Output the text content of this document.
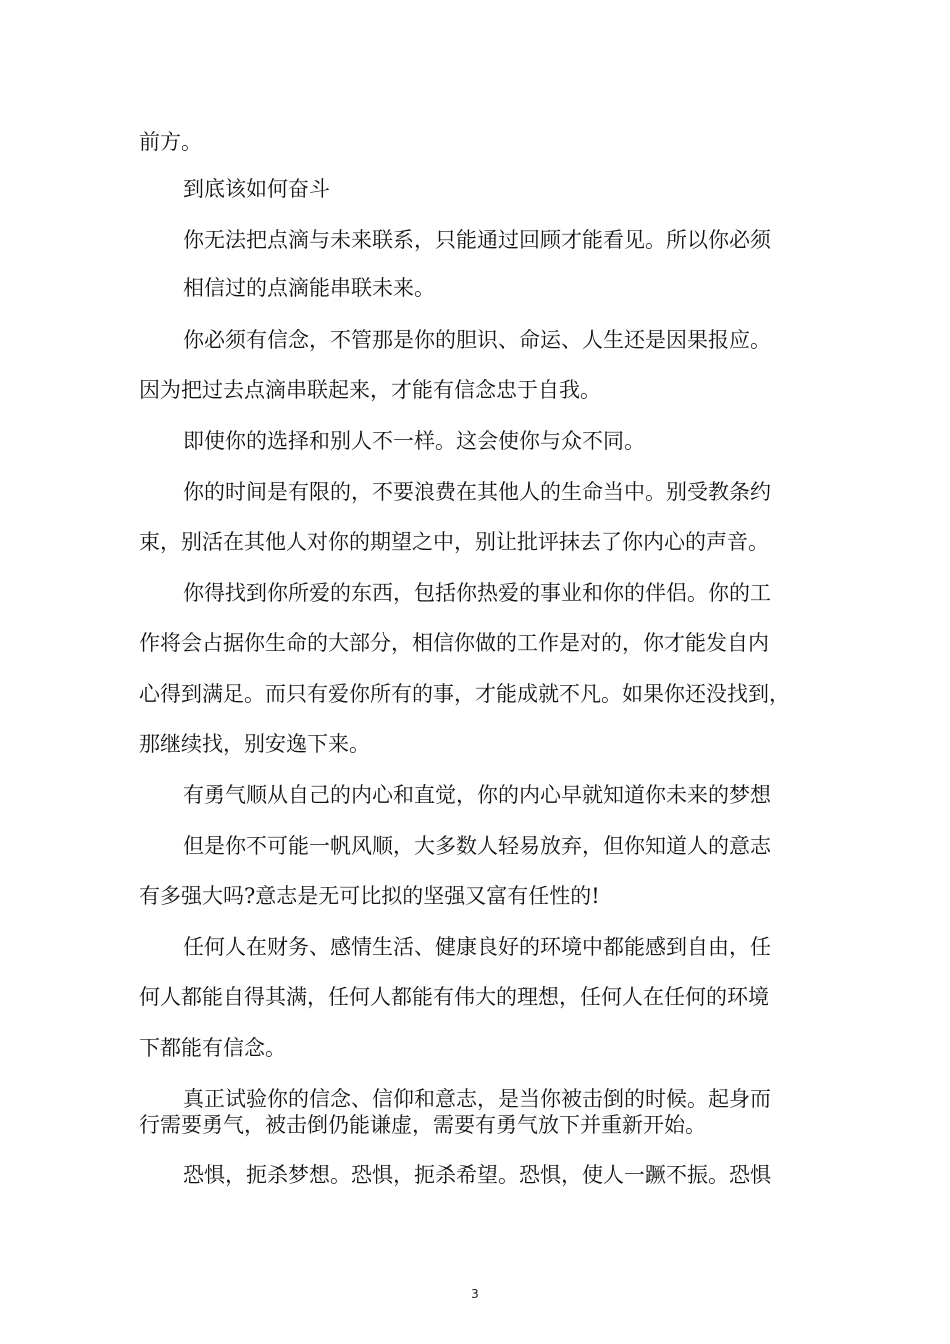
前方。
到底该如何奋斗
你无法把点滴与未来联系，只能通过回顾才能看见。所以你必须
相信过的点滴能串联未来。
你必须有信念，不管那是你的胆识、命运、人生还是因果报应。
因为把过去点滴串联起来，才能有信念忠于自我。
即使你的选择和别人不一样。这会使你与众不同。
你的时间是有限的，不要浪费在其他人的生命当中。别受教条约
束，别活在其他人对你的期望之中，别让批评抹去了你内心的声音。
你得找到你所爱的东西，包括你热爱的事业和你的伴侣。你的工
作将会占据你生命的大部分，相信你做的工作是对的，你才能发自内
心得到满足。而只有爱你所有的事，才能成就不凡。如果你还没找到，
那继续找，别安逸下来。
有勇气顺从自己的内心和直觉，你的内心早就知道你未来的梦想
但是你不可能一帆风顺，大多数人轻易放弃，但你知道人的意志
有多强大吗?意志是无可比拟的坚强又富有任性的!
任何人在财务、感情生活、健康良好的环境中都能感到自由，任
何人都能自得其满，任何人都能有伟大的理想，任何人在任何的环境
下都能有信念。
真正试验你的信念、信仰和意志，是当你被击倒的时候。起身而
行需要勇气，被击倒仍能谦虚，需要有勇气放下并重新开始。
恐惧，扼杀梦想。恐惧，扼杀希望。恐惧，使人一蹶不振。恐惧
3
